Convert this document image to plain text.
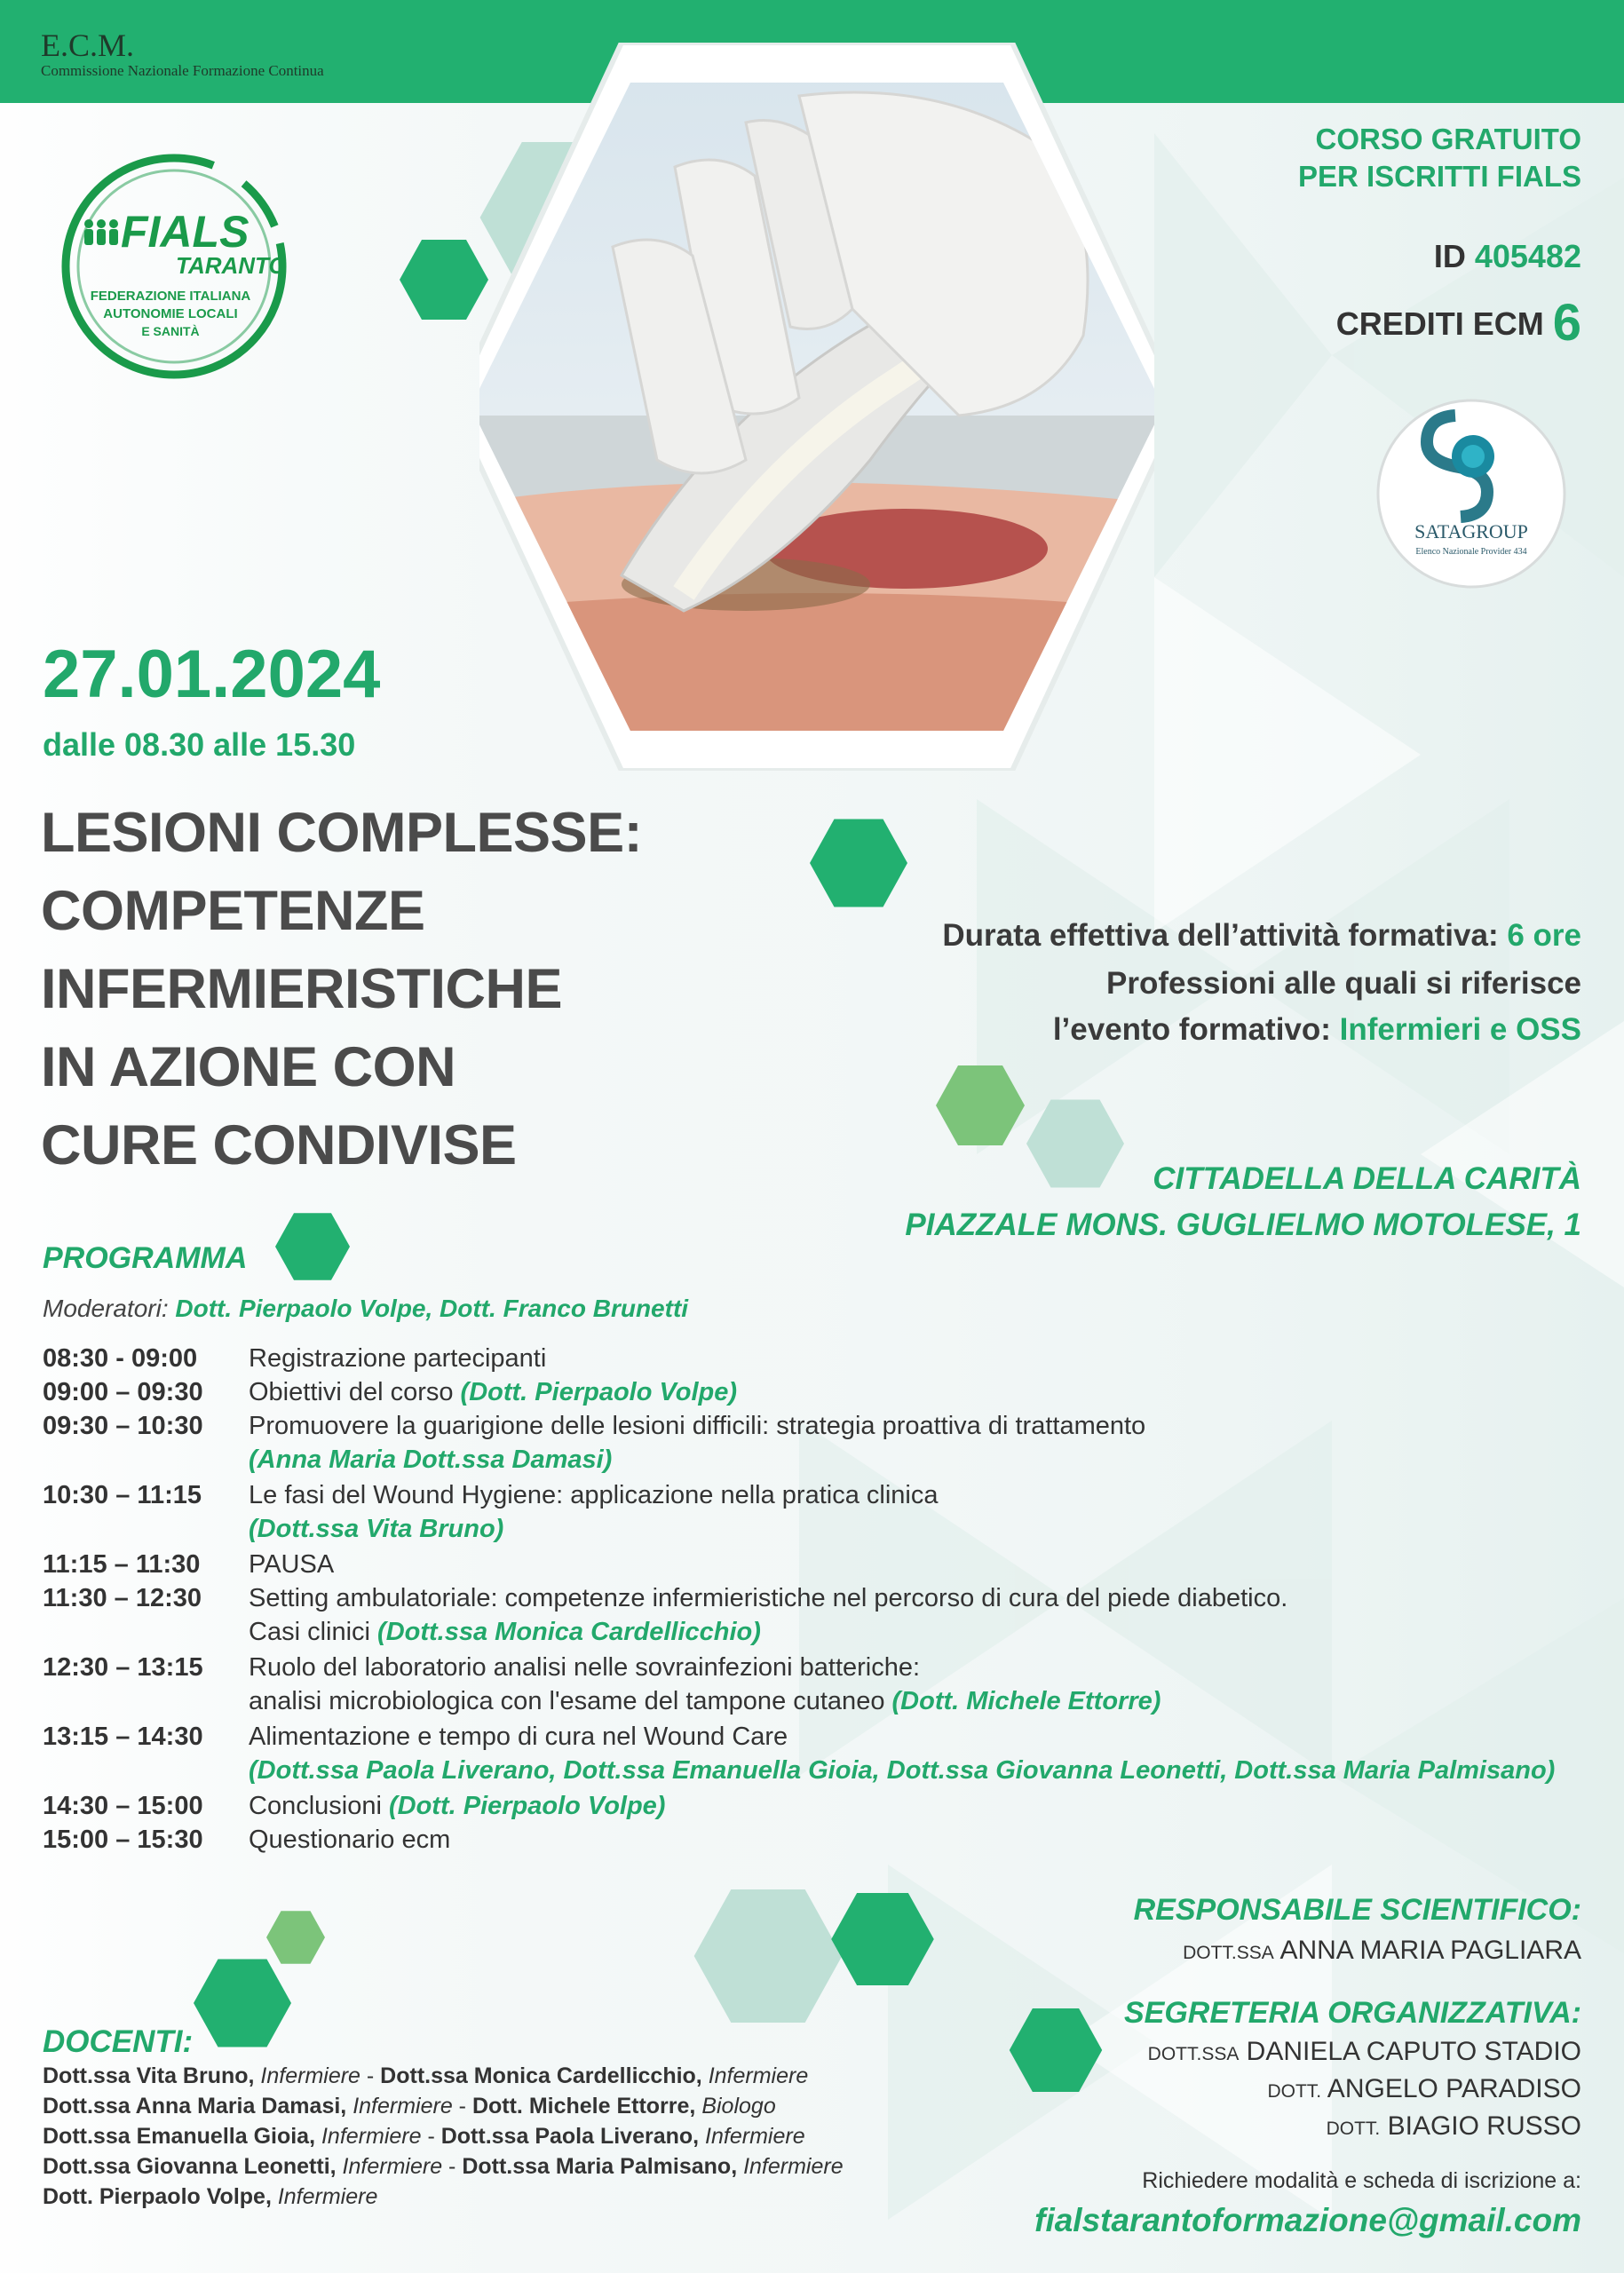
E.C.M.
Commissione Nazionale Formazione Continua
FIALS
TARANTO
FEDERAZIONE ITALIANA
AUTONOMIE LOCALI
E SANITÀ
CORSO GRATUITO
PER ISCRITTI FIALS
ID 405482
CREDITI ECM 6
SATAGROUP
Elenco Nazionale Provider 434
27.01.2024
dalle 08.30 alle 15.30
LESIONI COMPLESSE:
COMPETENZE
INFERMIERISTICHE
IN AZIONE CON
CURE CONDIVISE
Durata effettiva dell’attività formativa: 6 ore
Professioni alle quali si riferisce
l’evento formativo: Infermieri e OSS
CITTADELLA DELLA CARITÀ
PIAZZALE MONS. GUGLIELMO MOTOLESE, 1
PROGRAMMA
Moderatori: Dott. Pierpaolo Volpe, Dott. Franco Brunetti
08:30 - 09:00	Registrazione partecipanti
09:00 – 09:30	Obiettivi del corso (Dott. Pierpaolo Volpe)
09:30 – 10:30	Promuovere la guarigione delle lesioni difficili: strategia proattiva di trattamento
(Anna Maria Dott.ssa Damasi)
10:30 – 11:15	Le fasi del Wound Hygiene: applicazione nella pratica clinica
(Dott.ssa Vita Bruno)
11:15 – 11:30	PAUSA
11:30 – 12:30	Setting ambulatoriale: competenze infermieristiche nel percorso di cura del piede diabetico.
Casi clinici (Dott.ssa Monica Cardellicchio)
12:30 – 13:15	Ruolo del laboratorio analisi nelle sovrainfezioni batteriche:
analisi microbiologica con l'esame del tampone cutaneo (Dott. Michele Ettorre)
13:15 – 14:30	Alimentazione e tempo di cura nel Wound Care
(Dott.ssa Paola Liverano, Dott.ssa Emanuella Gioia, Dott.ssa Giovanna Leonetti, Dott.ssa Maria Palmisano)
14:30 – 15:00	Conclusioni (Dott. Pierpaolo Volpe)
15:00 – 15:30	Questionario ecm
DOCENTI:
Dott.ssa Vita Bruno, Infermiere - Dott.ssa Monica Cardellicchio, Infermiere
Dott.ssa Anna Maria Damasi, Infermiere - Dott. Michele Ettorre, Biologo
Dott.ssa Emanuella Gioia, Infermiere - Dott.ssa Paola Liverano, Infermiere
Dott.ssa Giovanna Leonetti, Infermiere - Dott.ssa Maria Palmisano, Infermiere
Dott. Pierpaolo Volpe, Infermiere
RESPONSABILE SCIENTIFICO:
DOTT.SSA ANNA MARIA PAGLIARA
SEGRETERIA ORGANIZZATIVA:
DOTT.SSA DANIELA CAPUTO STADIO
DOTT. ANGELO PARADISO
DOTT. BIAGIO RUSSO
Richiedere modalità e scheda di iscrizione a:
fialstarantoformazione@gmail.com
